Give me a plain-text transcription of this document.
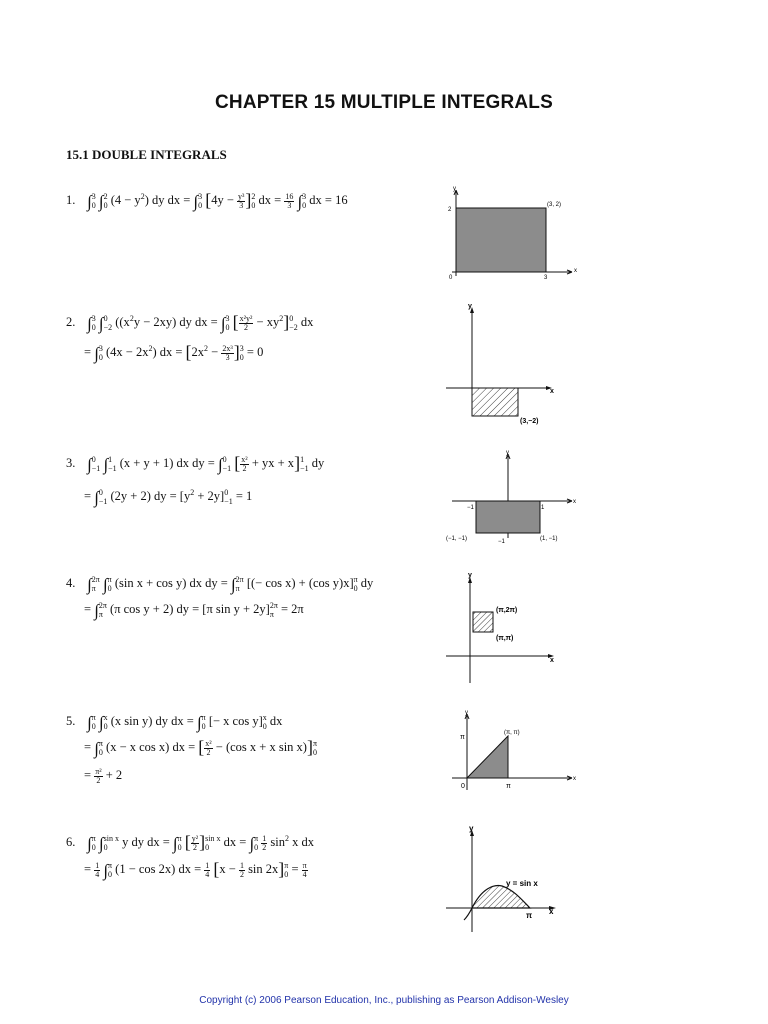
CHAPTER 15 MULTIPLE INTEGRALS
15.1 DOUBLE INTEGRALS
1. ∫3
0 ∫2
0 $(4 - y^2)$ dy dx = ∫3
0 $[4y - \frac{\text{y³}}{3} ]2$
0 dx = $\frac{16}{3} \int 3$
0 dx = 16
y
x
2
3
0
(3, 2)
2. ∫3
0 ∫0
−2 ($(x^2y - 2xy)$ dy dx = ∫3
0 [ $\frac{\text{x²y²}}{2} - xy^2]0$
−2 dx
= ∫3
0 $(4x - 2x^2)$ dx = $[2x^2 - \frac{\text{2x³}}{3} ]3$
0 = 0
y
x
(3,−2)
3. ∫0
−1 ∫1
−1 (x + y + 1) dx dy = ∫0
−1 [ $\frac{\text{x²}}{2}$ + yx + x]1
−1 dy
= ∫0
−1 (2y + 2) dy = $[y^2 + 2y]0$
−1 = 1
y
x
−1	1
−1
(−1, −1)	(1, −1)
4. ∫2π
π ∫π
0 (sin x + cos y) dx dy = ∫2π
π [(− cos x) + (cos y)x]π
0 dy
= ∫2π
π (π cos y + 2) dy = [π sin y + 2y]2π
π = 2π
y
x
(π,2π)
(π,π)
5. ∫π
0 ∫x
0 (x sin y) dy dx = ∫π
0 [− x cos y]x
0 dx
= ∫π
0 (x − x cos x) dx = [ $\frac{\text{x²}}{2} - (\cos$ x + x sin x)]π
0
= $\frac{\text{π²}}{2} + 2$
y
x
π
π
0
(π, π)
6. ∫π
0 ∫sin x
0 y dy dx = ∫π
0 [ $\frac{\text{y²}}{2} ]\sin$ x
0 dx = ∫π
$0 \frac{1}{2} \sin^2 x$ dx
= $\frac{1}{4} \int\pi$
0 (1 − cos 2x) dx = $\frac{1}{4} [x - \frac{1}{2}$ sin 2x]π
$0 = \frac{\pi}{4}$
y
x
y = sin x
π
Copyright (c) 2006 Pearson Education, Inc., publishing as Pearson Addison-Wesley
